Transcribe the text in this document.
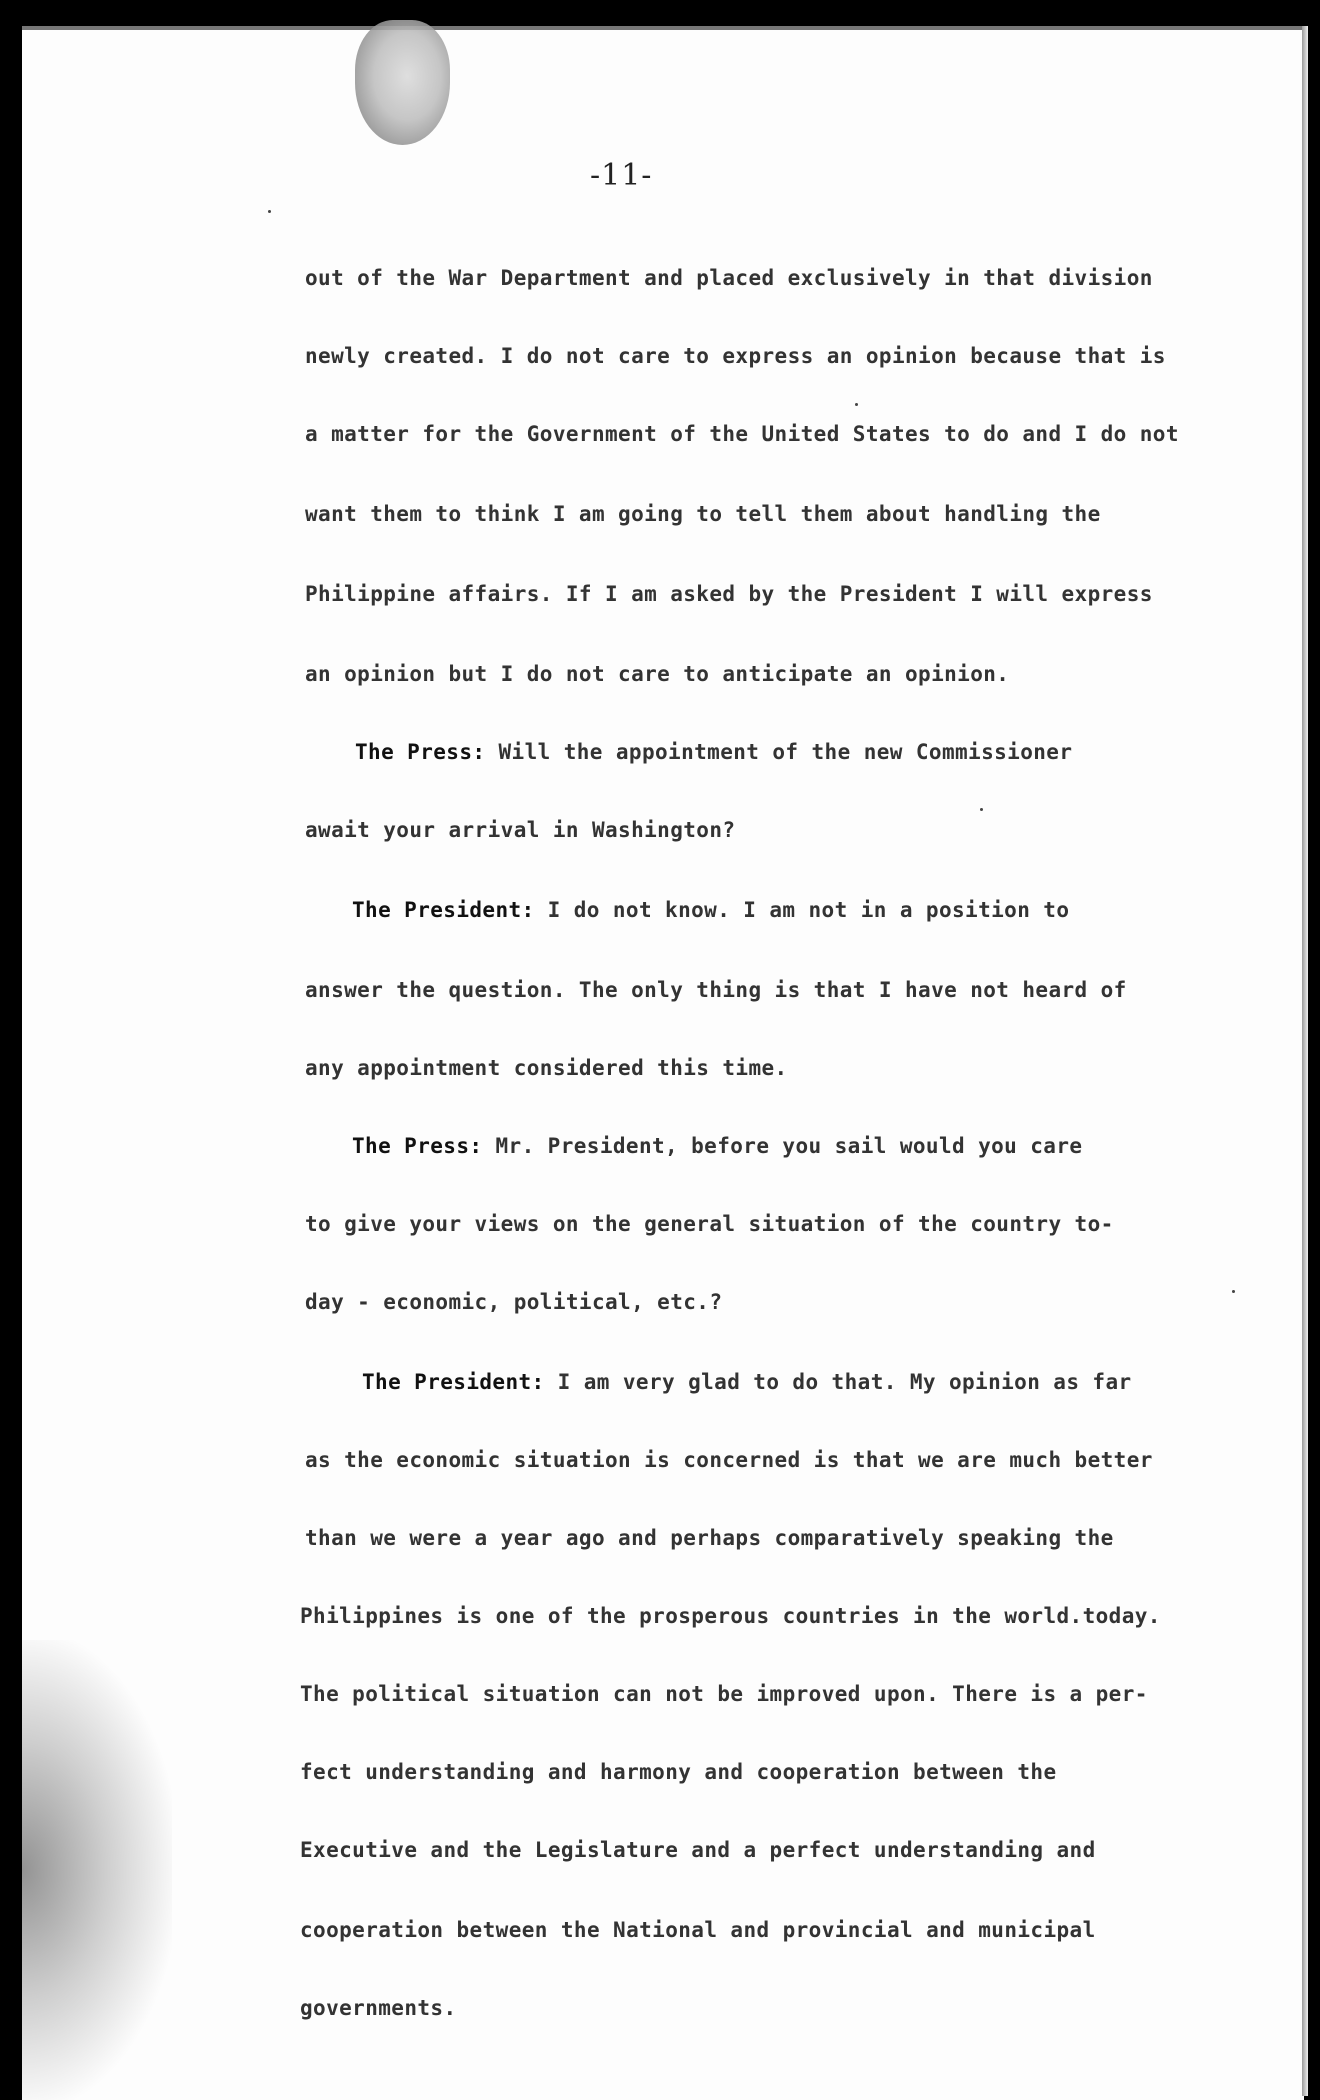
-11-
out of the War Department and placed exclusively in that division
newly created. I do not care to express an opinion because that is
a matter for the Government of the United States to do and I do not
want them to think I am going to tell them about handling the
Philippine affairs. If I am asked by the President I will express
an opinion but I do not care to anticipate an opinion.
The Press: Will the appointment of the new Commissioner
await your arrival in Washington?
The President: I do not know. I am not in a position to
answer the question. The only thing is that I have not heard of
any appointment considered this time.
The Press: Mr. President, before you sail would you care
to give your views on the general situation of the country to-
day - economic, political, etc.?
The President: I am very glad to do that. My opinion as far
as the economic situation is concerned is that we are much better
than we were a year ago and perhaps comparatively speaking the
Philippines is one of the prosperous countries in the world.today.
The political situation can not be improved upon. There is a per-
fect understanding and harmony and cooperation between the
Executive and the Legislature and a perfect understanding and
cooperation between the National and provincial and municipal
governments.
